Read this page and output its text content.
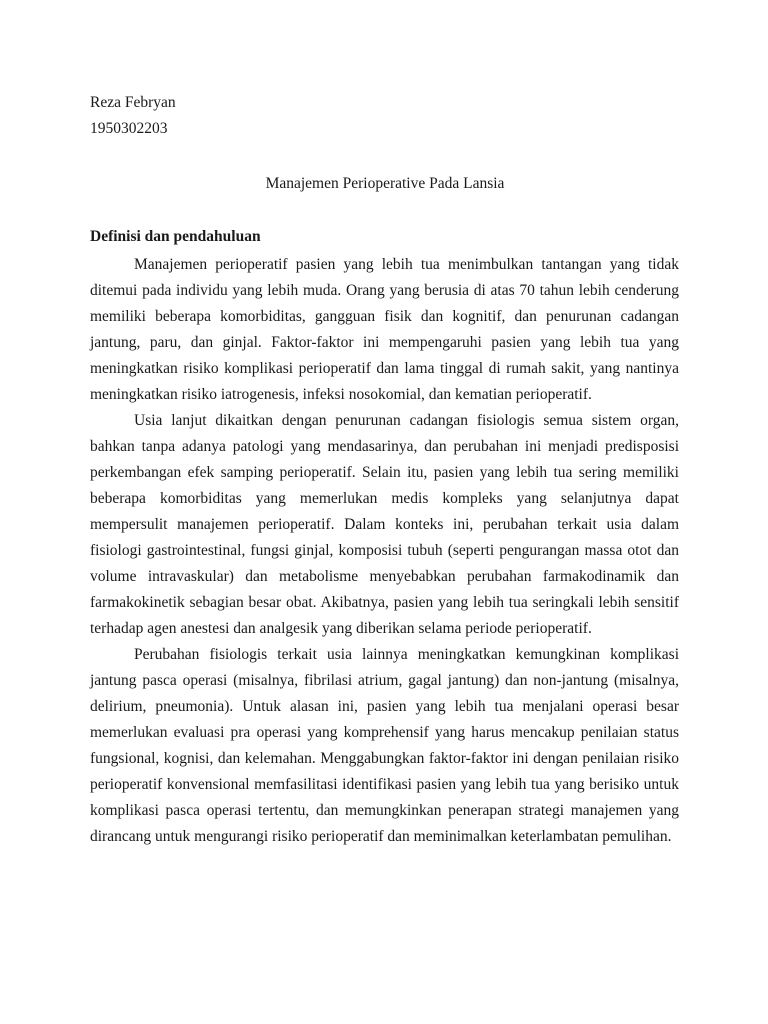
Reza Febryan
1950302203
Manajemen Perioperative Pada Lansia
Definisi dan pendahuluan

Manajemen perioperatif pasien yang lebih tua menimbulkan tantangan yang tidak ditemui pada individu yang lebih muda. Orang yang berusia di atas 70 tahun lebih cenderung memiliki beberapa komorbiditas, gangguan fisik dan kognitif, dan penurunan cadangan jantung, paru, dan ginjal. Faktor-faktor ini mempengaruhi pasien yang lebih tua yang meningkatkan risiko komplikasi perioperatif dan lama tinggal di rumah sakit, yang nantinya meningkatkan risiko iatrogenesis, infeksi nosokomial, dan kematian perioperatif.

Usia lanjut dikaitkan dengan penurunan cadangan fisiologis semua sistem organ, bahkan tanpa adanya patologi yang mendasarinya, dan perubahan ini menjadi predisposisi perkembangan efek samping perioperatif. Selain itu, pasien yang lebih tua sering memiliki beberapa komorbiditas yang memerlukan medis kompleks yang selanjutnya dapat mempersulit manajemen perioperatif. Dalam konteks ini, perubahan terkait usia dalam fisiologi gastrointestinal, fungsi ginjal, komposisi tubuh (seperti pengurangan massa otot dan volume intravaskular) dan metabolisme menyebabkan perubahan farmakodinamik dan farmakokinetik sebagian besar obat. Akibatnya, pasien yang lebih tua seringkali lebih sensitif terhadap agen anestesi dan analgesik yang diberikan selama periode perioperatif.

Perubahan fisiologis terkait usia lainnya meningkatkan kemungkinan komplikasi jantung pasca operasi (misalnya, fibrilasi atrium, gagal jantung) dan non-jantung (misalnya, delirium, pneumonia). Untuk alasan ini, pasien yang lebih tua menjalani operasi besar memerlukan evaluasi pra operasi yang komprehensif yang harus mencakup penilaian status fungsional, kognisi, dan kelemahan. Menggabungkan faktor-faktor ini dengan penilaian risiko perioperatif konvensional memfasilitasi identifikasi pasien yang lebih tua yang berisiko untuk komplikasi pasca operasi tertentu, dan memungkinkan penerapan strategi manajemen yang dirancang untuk mengurangi risiko perioperatif dan meminimalkan keterlambatan pemulihan.
